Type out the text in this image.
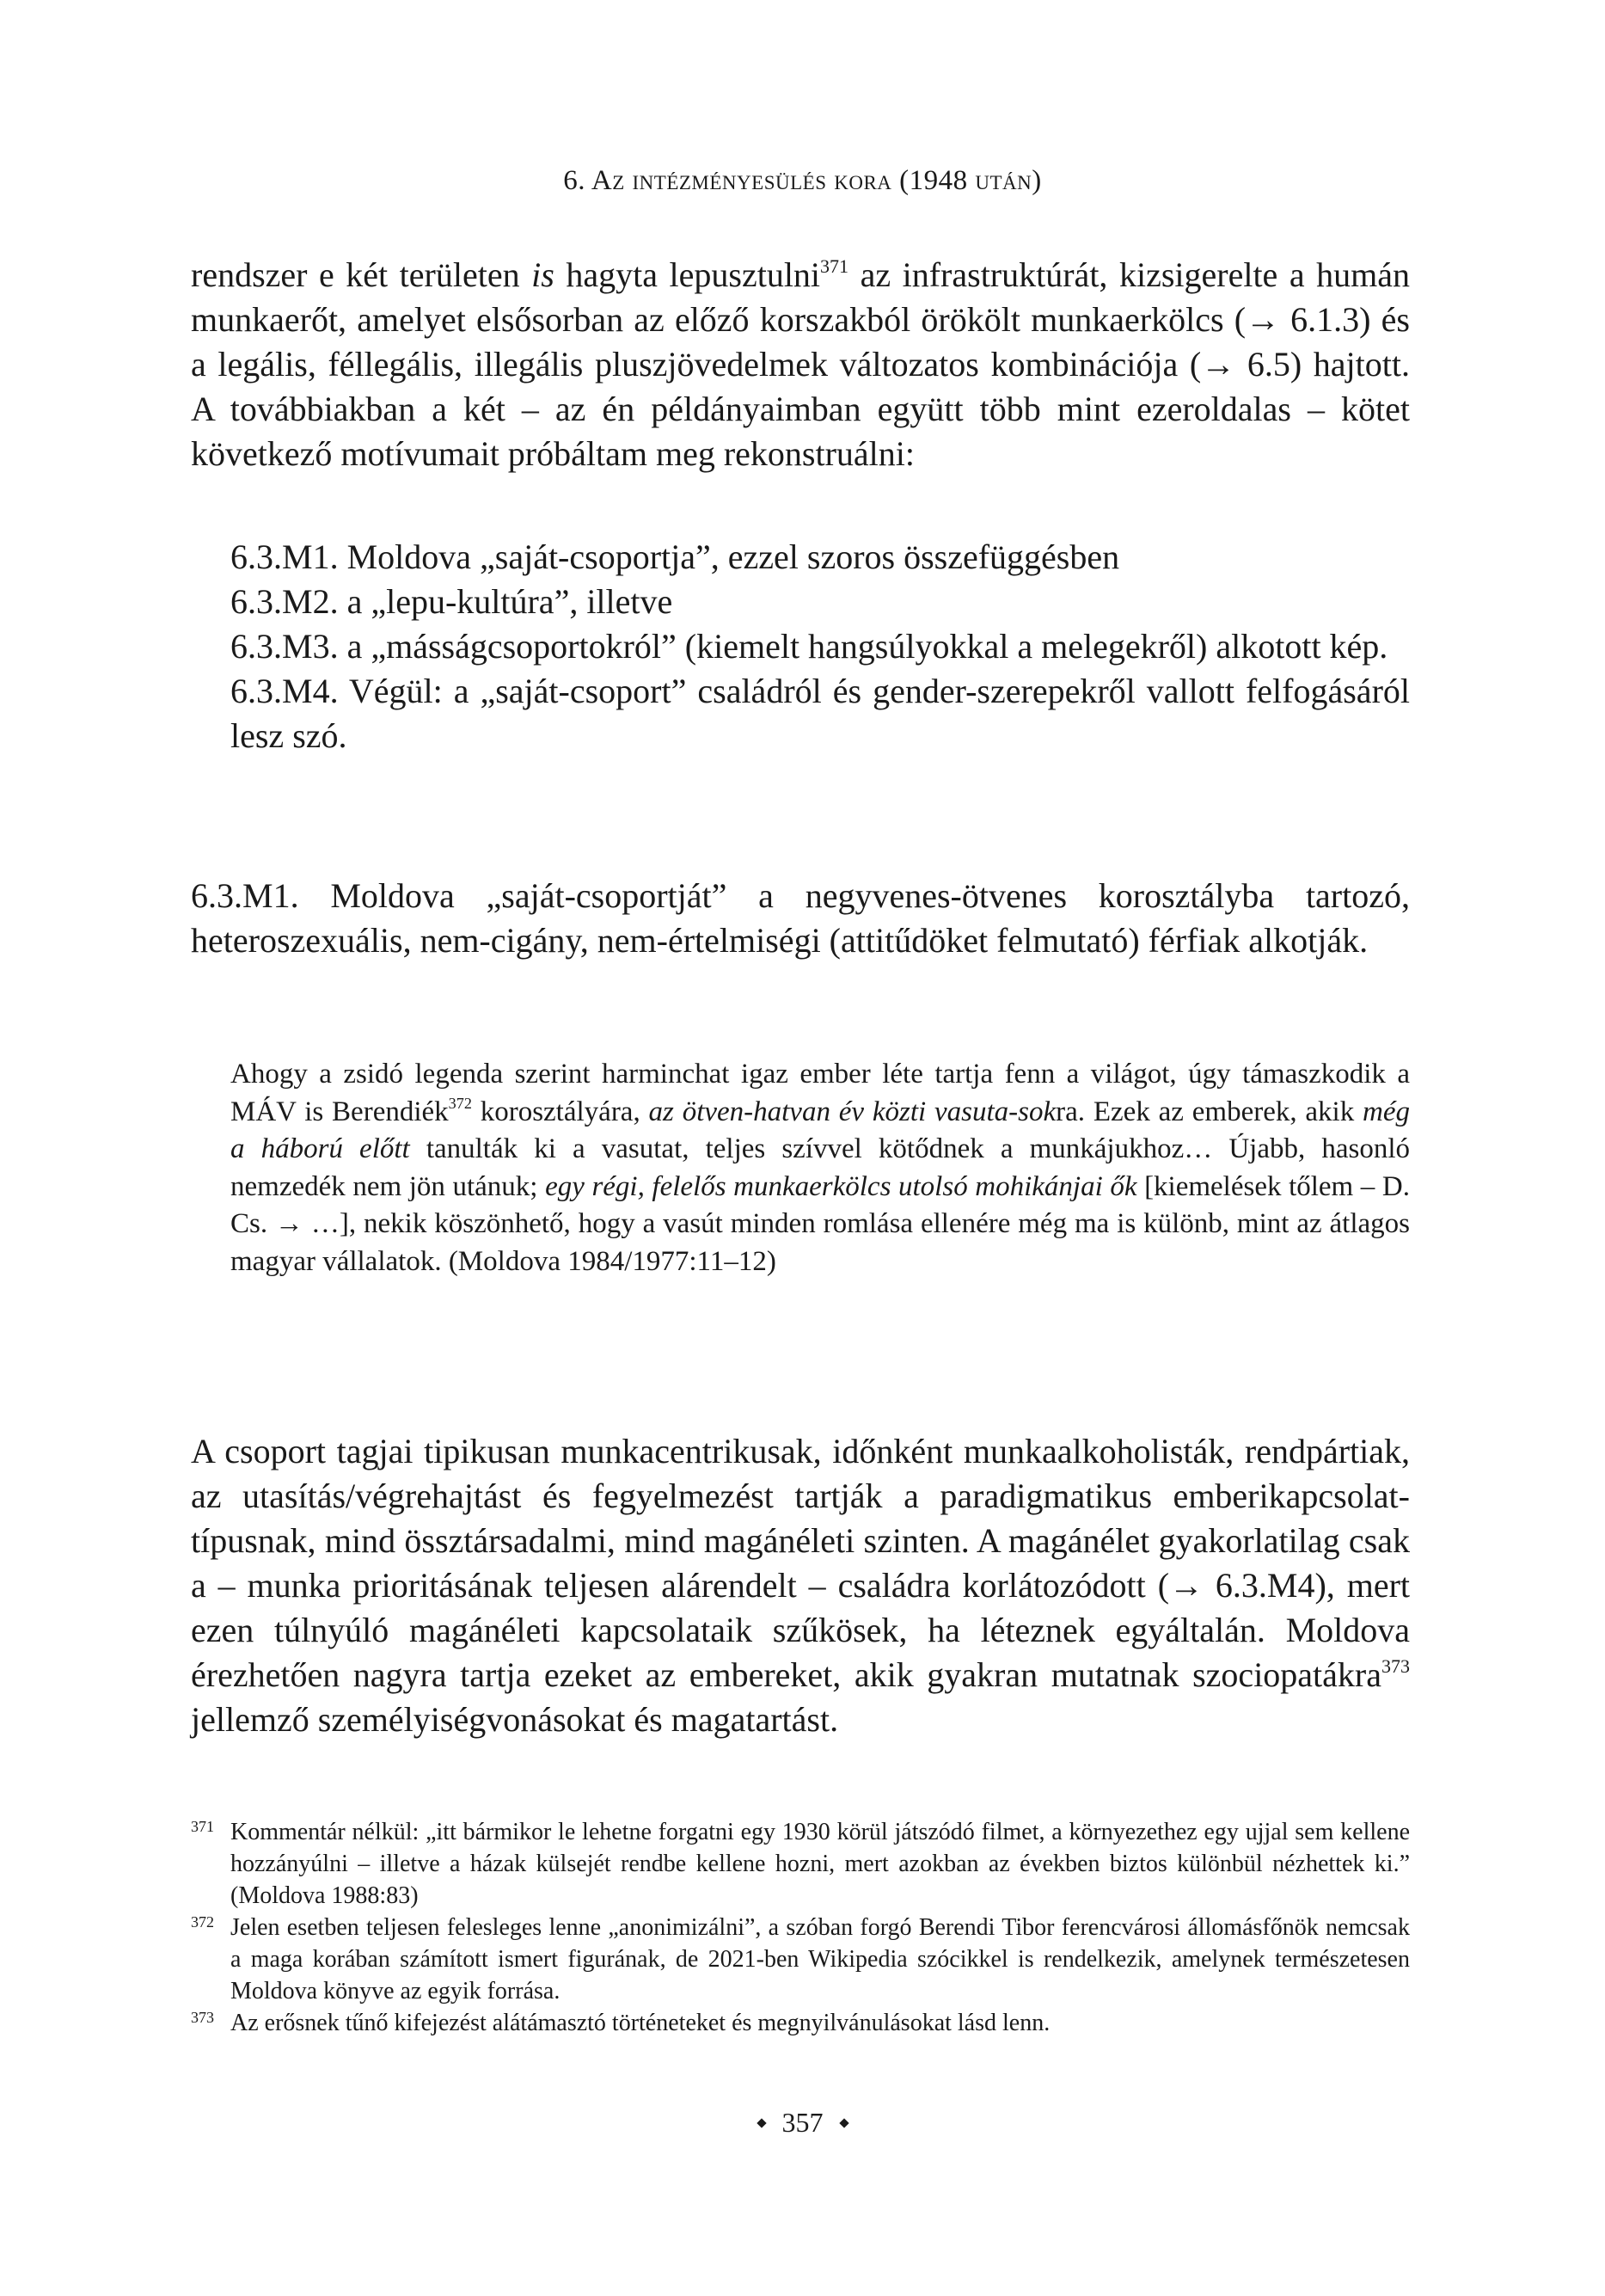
6. Az intézményesülés kora (1948 után)

rendszer e két területen is hagyta lepusztulni$^{371}$ az infrastruktúrát, kizsigerelte a humán munkaerőt, amelyet elsősorban az előző korszakból örökölt munkaerkölcs (→ 6.1.3) és a legális, féllegális, illegális pluszjövedelmek változatos kombinációja (→ 6.5) hajtott. A továbbiakban a két – az én példányaimban együtt több mint ezeroldalas – kötet következő motívumait próbáltam meg rekonstruálni:

6.3.M1. Moldova „saját-csoportja”, ezzel szoros összefüggésben
6.3.M2. a „lepu-kultúra”, illetve
6.3.M3. a „másságcsoportokról” (kiemelt hangsúlyokkal a melegekről) alkotott kép.
6.3.M4. Végül: a „saját-csoport” családról és gender-szerepekről vallott felfogásáról lesz szó.

6.3.M1. Moldova „saját-csoportját” a negyvenes-ötvenes korosztályba tartozó, heteroszexuális, nem-cigány, nem-értelmiségi (attitűdöket felmutató) férfiak alkotják.

Ahogy a zsidó legenda szerint harminchat igaz ember léte tartja fenn a világot, úgy támaszkodik a MÁV is Berendiék$^{372}$ korosztályára, az ötven-hatvan év közti vasuta-sokra. Ezek az emberek, akik még a háború előtt tanulták ki a vasutat, teljes szívvel kötődnek a munkájukhoz… Újabb, hasonló nemzedék nem jön utánuk; egy régi, felelős munkaerkölcs utolsó mohikánjai ők [kiemelések tőlem – D. Cs. → …], nekik köszönhető, hogy a vasút minden romlása ellenére még ma is különb, mint az átlagos magyar vállalatok. (Moldova 1984/1977:11–12)

A csoport tagjai tipikusan munkacentrikusak, időnként munkaalkoholisták, rendpártiak, az utasítás/végrehajtást és fegyelmezést tartják a paradigmatikus emberikapcsolat-típusnak, mind össztársadalmi, mind magánéleti szinten. A magánélet gyakorlatilag csak a – munka prioritásának teljesen alárendelt – családra korlátozódott (→ 6.3.M4), mert ezen túlnyúló magánéleti kapcsolataik szűkösek, ha léteznek egyáltalán. Moldova érezhetően nagyra tartja ezeket az embereket, akik gyakran mutatnak szociopatákra$^{373}$ jellemző személyiségvonásokat és magatartást.

371 Kommentár nélkül: „itt bármikor le lehetne forgatni egy 1930 körül játszódó filmet, a környezethez egy ujjal sem kellene hozzányúlni – illetve a házak külsejét rendbe kellene hozni, mert azokban az években biztos különbül nézhettek ki.” (Moldova 1988:83)

372 Jelen esetben teljesen felesleges lenne „anonimizálni”, a szóban forgó Berendi Tibor ferencvárosi állomásfőnök nemcsak a maga korában számított ismert figurának, de 2021-ben Wikipedia szócikkel is rendelkezik, amelynek természetesen Moldova könyve az egyik forrása.

373 Az erősnek tűnő kifejezést alátámasztó történeteket és megnyilvánulásokat lásd lenn.

357
